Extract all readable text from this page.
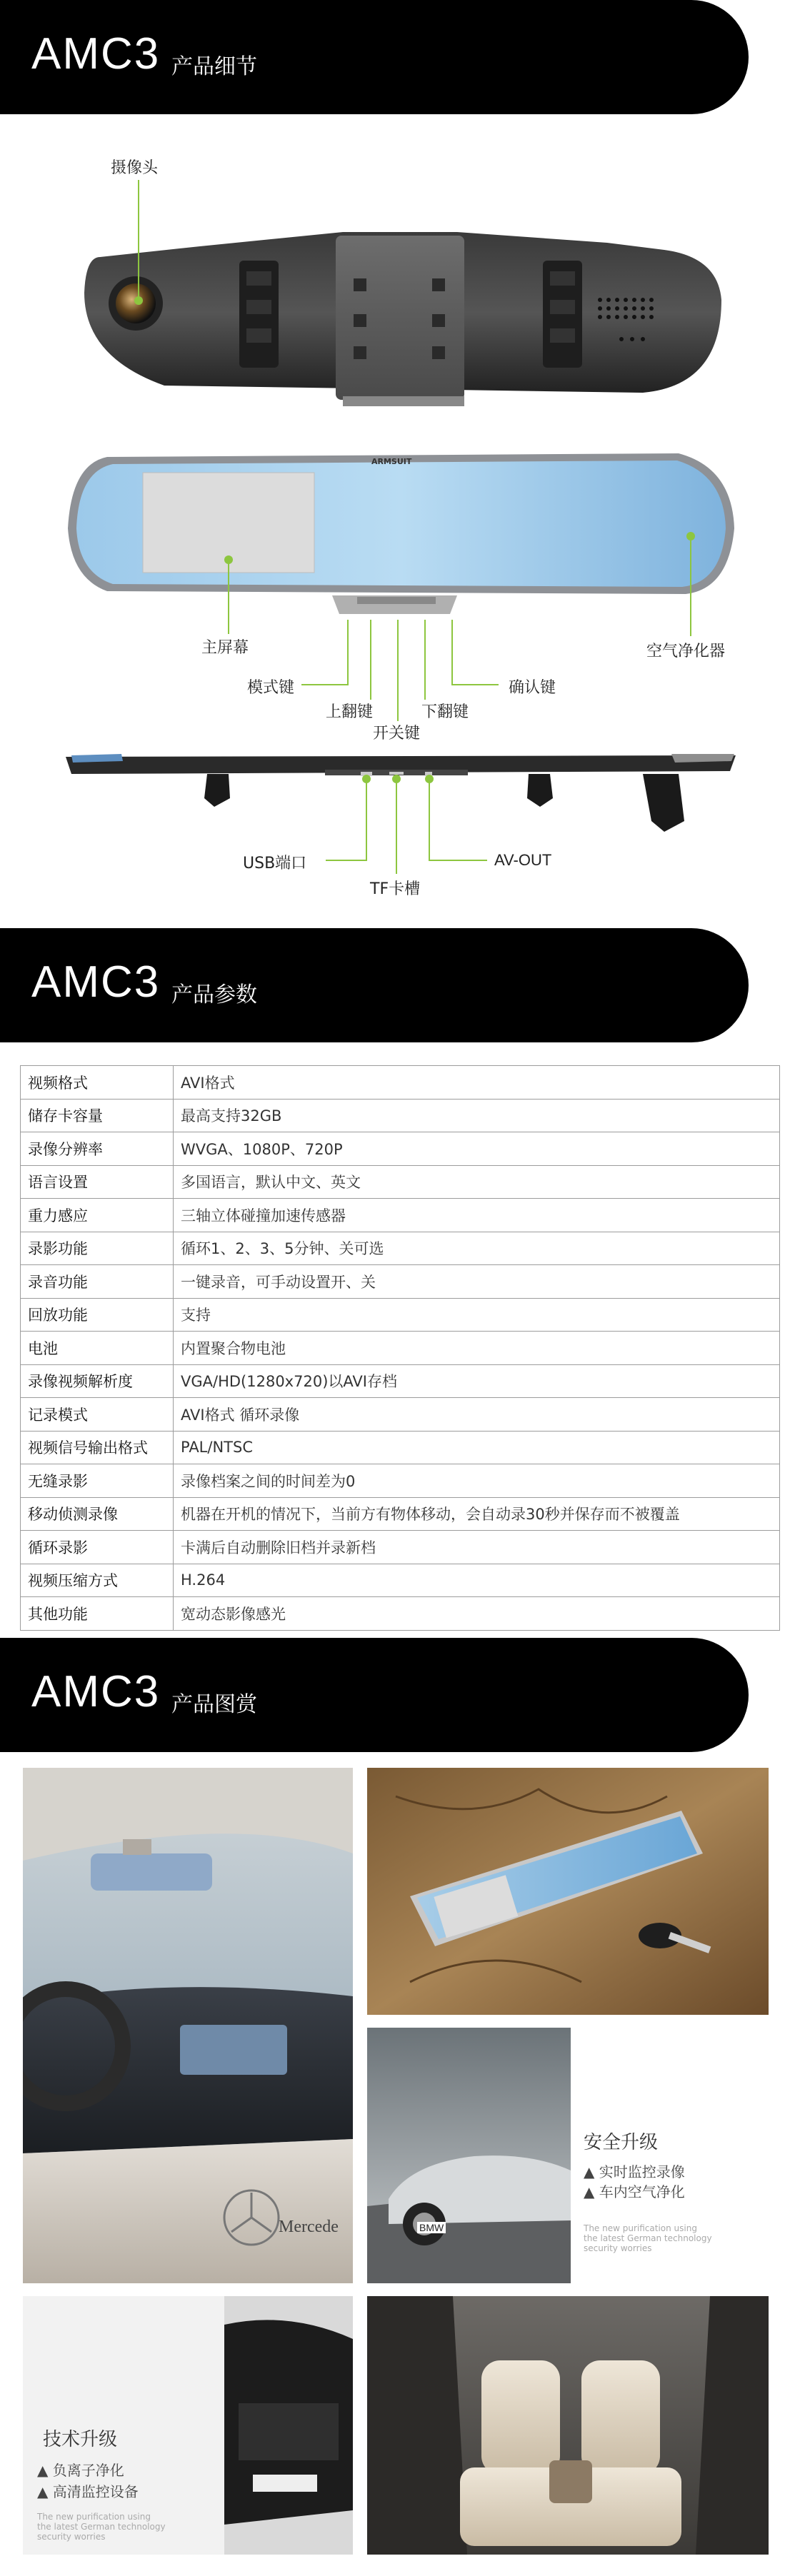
AMC3 产品细节
摄像头
ARMSUIT
主屏幕	空气净化器
模式键
上翻键
开关键
下翻键
确认键
USB端口
TF卡槽
AV-OUT
AMC3 产品参数
视频格式	AVI格式
储存卡容量	最高支持32GB
录像分辨率	WVGA、1080P、720P
语言设置	多国语言，默认中文、英文
重力感应	三轴立体碰撞加速传感器
录影功能	循环1、2、3、5分钟、关可选
录音功能	一键录音，可手动设置开、关
回放功能	支持
电池	内置聚合物电池
录像视频解析度	VGA/HD(1280x720)以AVI存档
记录模式	AVI格式 循环录像
视频信号输出格式	PAL/NTSC
无缝录影	录像档案之间的时间差为0
移动侦测录像	机器在开机的情况下，当前方有物体移动，会自动录30秒并保存而不被覆盖
循环录影	卡满后自动删除旧档并录新档
视频压缩方式	H.264
其他功能	宽动态影像感光
AMC3 产品图赏
Mercede	BMW
安全升级
▲ 实时监控录像
▲ 车内空气净化
The new purification using
the latest German technology
security worries
技术升级
▲ 负离子净化
▲ 高清监控设备
The new purification using
the latest German technology
security worries
